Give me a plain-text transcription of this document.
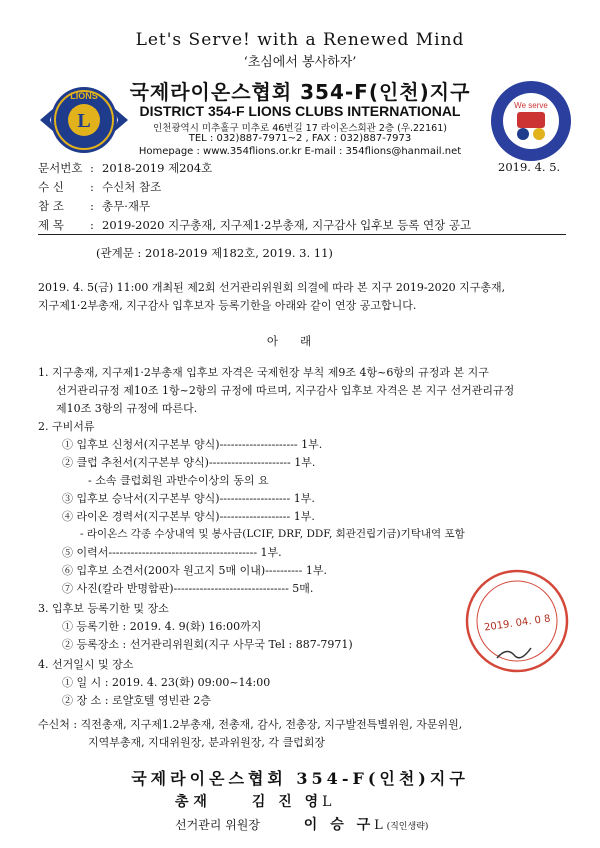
Let's Serve! with a Renewed Mind
‘초심에서 봉사하자’
L
LIONS
We serve
국제라이온스협회 354-F(인천)지구
DISTRICT 354-F LIONS CLUBS INTERNATIONAL
인천광역시 미추홀구 미추로 46번길 17 라이온스회관 2층 (우.22161)
TEL : 032)887-7971~2 , FAX : 032)887-7973
Homepage : www.354flions.or.kr E-mail : 354flions@hanmail.net
문서번호 : 2018-2019 제204호	2019. 4. 5.
수 신 : 수신처 참조
참 조 : 총무·재무
제 목 : 2019-2020 지구총재, 지구제1·2부총재, 지구감사 입후보 등록 연장 공고
(관계문 : 2018-2019 제182호, 2019. 3. 11)
2019. 4. 5(금) 11:00 개최된 제2회 선거관리위원회 의결에 따라 본 지구 2019-2020 지구총재,
지구제1·2부총재, 지구감사 입후보자 등록기한을 아래와 같이 연장 공고합니다.
아래
1. 지구총재, 지구제1·2부총재 입후보 자격은 국제헌장 부칙 제9조 4항~6항의 규정과 본 지구
선거관리규정 제10조 1항~2항의 규정에 따르며, 지구감사 입후보 자격은 본 지구 선거관리규정
제10조 3항의 규정에 따른다.
2. 구비서류
① 입후보 신청서(지구본부 양식)--------------------- 1부.
② 클럽 추천서(지구본부 양식)---------------------- 1부.
- 소속 클럽회원 과반수이상의 동의 요
③ 입후보 승낙서(지구본부 양식)------------------- 1부.
④ 라이온 경력서(지구본부 양식)------------------- 1부.
- 라이온스 각종 수상내역 및 봉사금(LCIF, DRF, DDF, 회관건립기금)기탁내역 포함
⑤ 이력서---------------------------------------- 1부.
⑥ 입후보 소견서(200자 원고지 5매 이내)---------- 1부.
⑦ 사진(칼라 반명함판)------------------------------- 5매.
3. 입후보 등록기한 및 장소
① 등록기한 : 2019. 4. 9(화) 16:00까지
② 등록장소 : 선거관리위원회(지구 사무국 Tel : 887-7971)
4. 선거일시 및 장소
① 일 시 : 2019. 4. 23(화) 09:00~14:00
② 장 소 : 로얄호텔 영빈관 2층
수신처 : 직전총재, 지구제1.2부총재, 전총재, 감사, 전총장, 지구발전특별위원, 자문위원,
지역부총재, 지대위원장, 분과위원장, 각 클럽회장
2019. 04. 0 8
국제라이온스협회 354-F(인천)지구
총 재	김 진 영L
선거관리 위원장	이 승 구L (직인생략)
